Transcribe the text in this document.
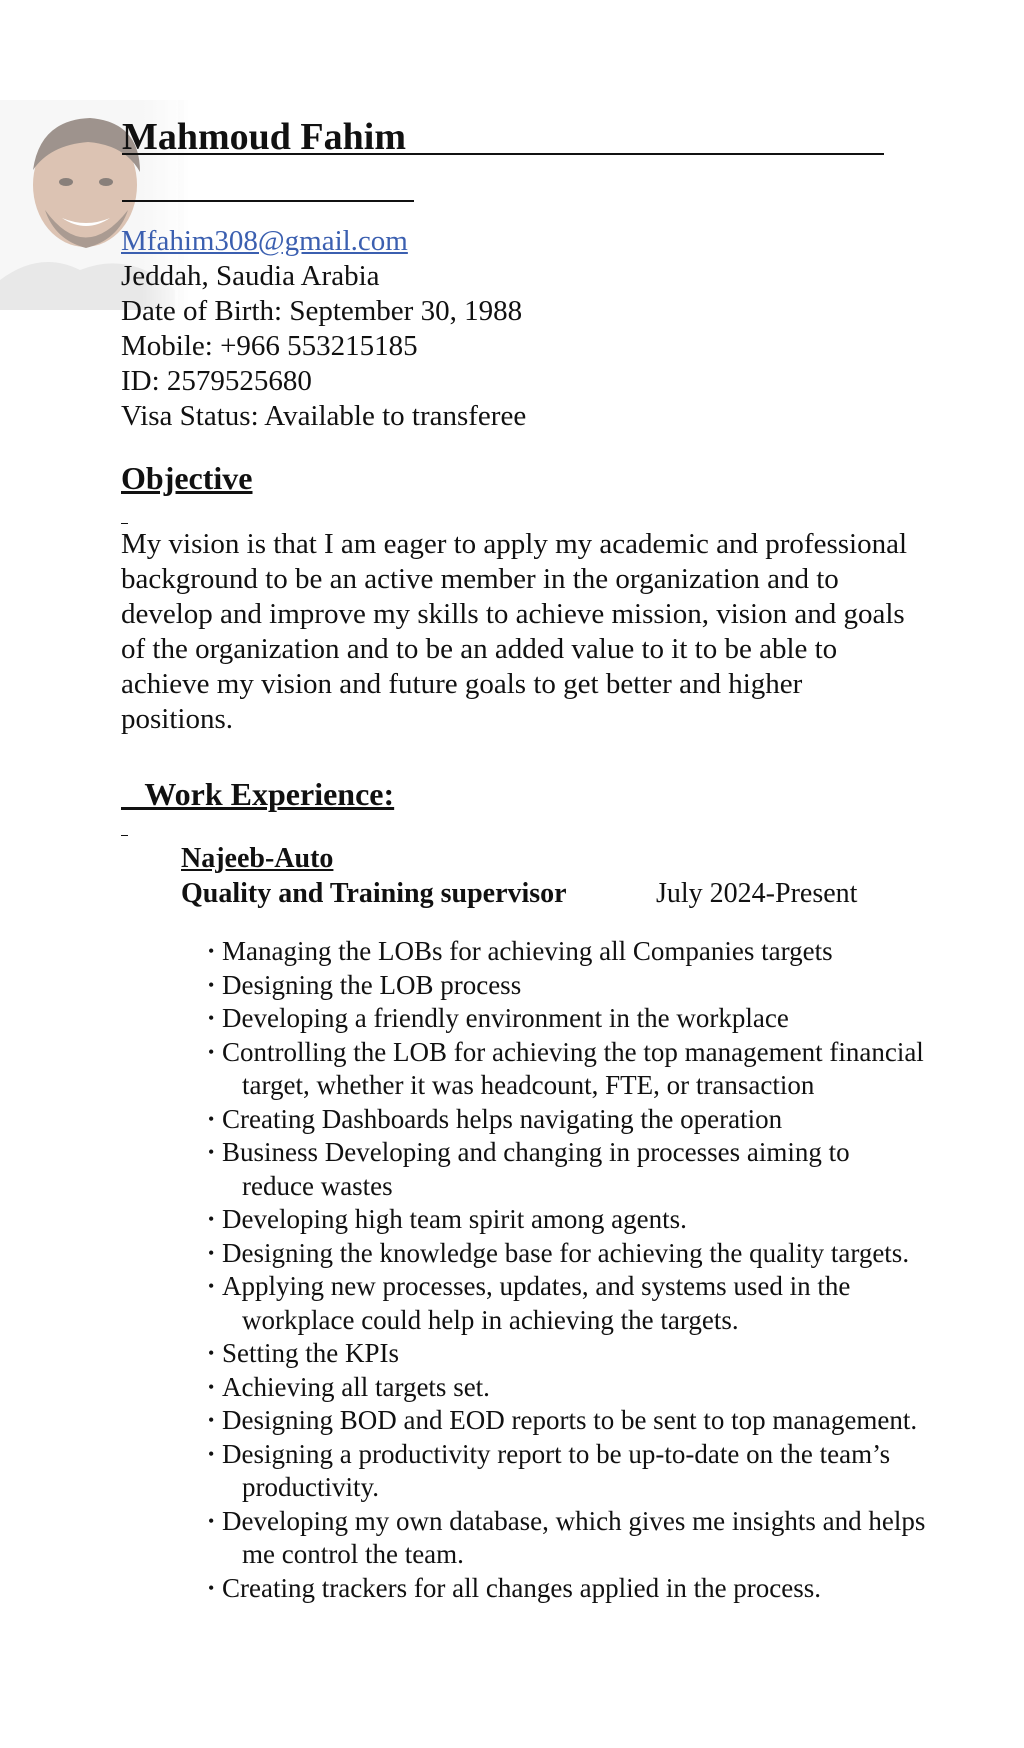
Mahmoud Fahim
Mfahim308@gmail.com
Jeddah, Saudia Arabia
Date of Birth: September 30, 1988
Mobile: +966 553215185
ID: 2579525680
Visa Status: Available to transferee
Objective
My vision is that I am eager to apply my academic and professional background to be an active member in the organization and to develop and improve my skills to achieve mission, vision and goals of the organization and to be an added value to it to be able to achieve my vision and future goals to get better and higher positions.
Work Experience:
Najeeb-Auto
Quality and Training supervisor	July 2024-Present
• Managing the LOBs for achieving all Companies targets
• Designing the LOB process
• Developing a friendly environment in the workplace
• Controlling the LOB for achieving the top management financial target, whether it was headcount, FTE, or transaction
• Creating Dashboards helps navigating the operation
• Business Developing and changing in processes aiming to reduce wastes
• Developing high team spirit among agents.
• Designing the knowledge base for achieving the quality targets.
• Applying new processes, updates, and systems used in the workplace could help in achieving the targets.
• Setting the KPIs
• Achieving all targets set.
• Designing BOD and EOD reports to be sent to top management.
• Designing a productivity report to be up-to-date on the team’s productivity.
• Developing my own database, which gives me insights and helps me control the team.
• Creating trackers for all changes applied in the process.
